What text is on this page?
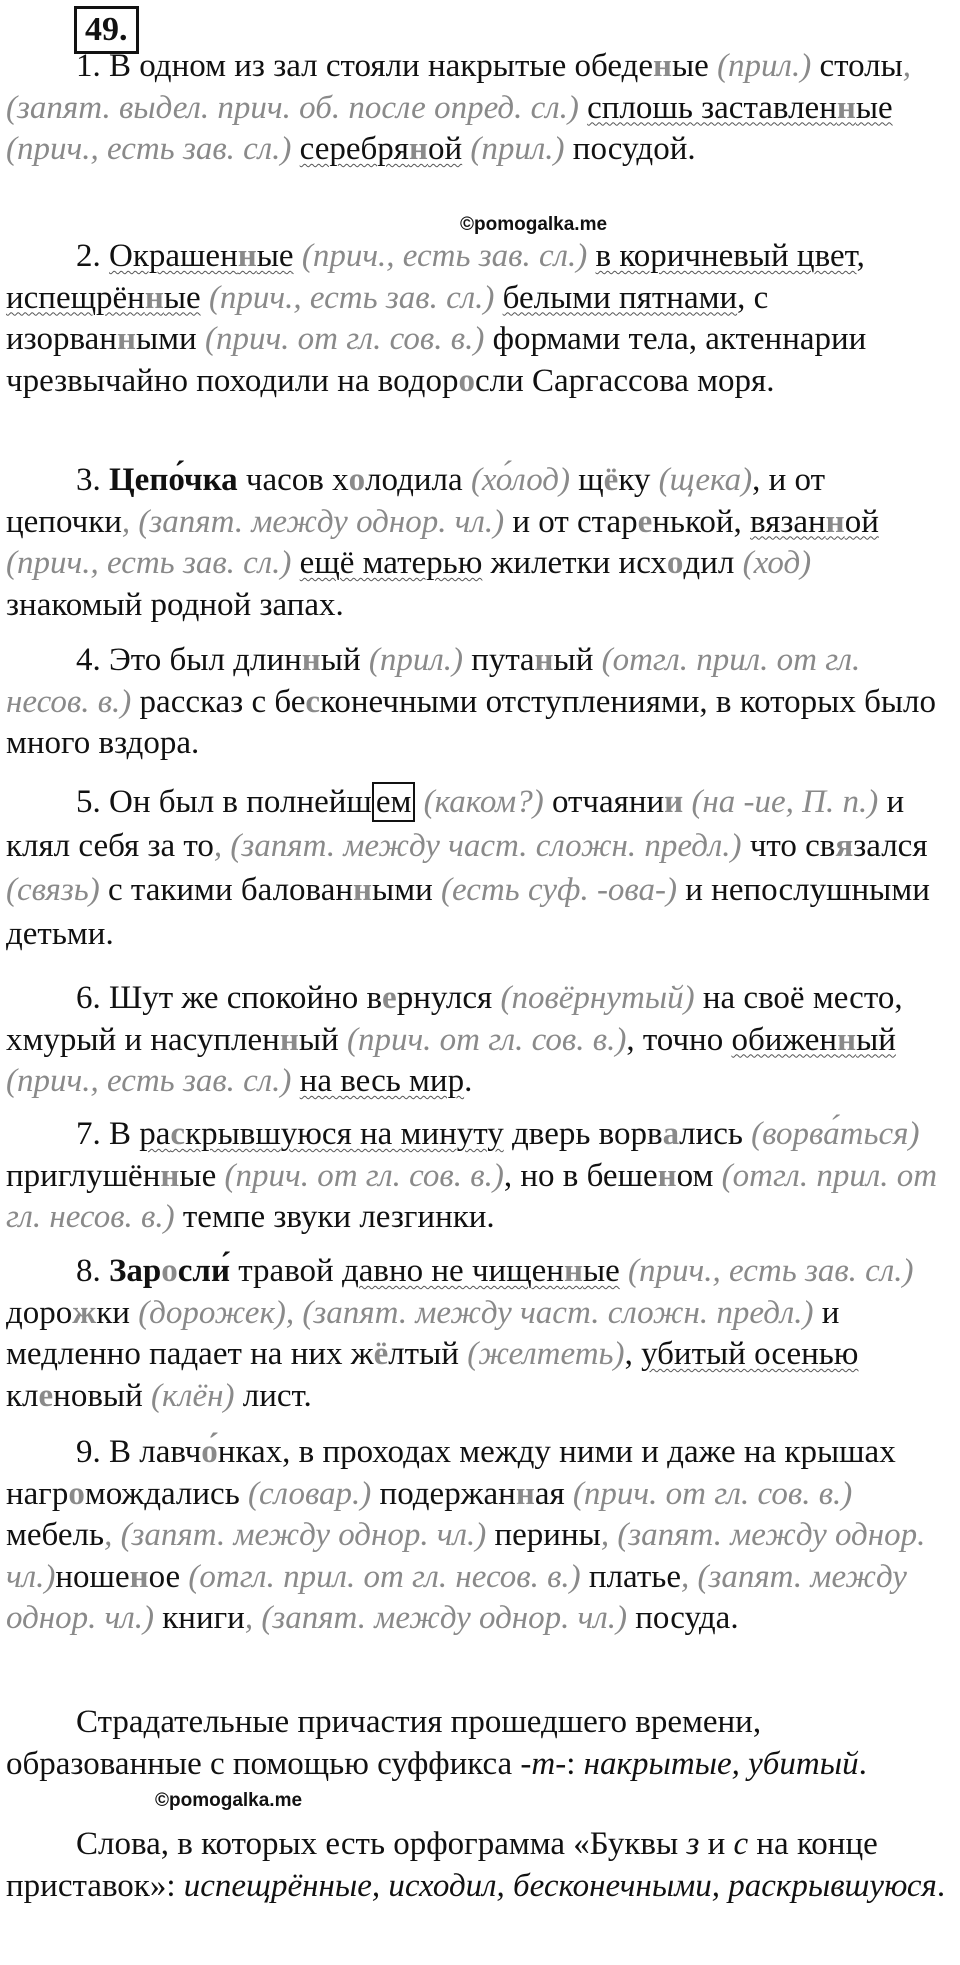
49.

1. В одном из зал стояли накрытые обеденые (прил.) столы, (запят. выдел. прич. об. после опред. сл.) сплошь заставленные (прич., есть зав. сл.) серебряной (прил.) посудой.

©pomogalka.me

2. Окрашенные (прич., есть зав. сл.) в коричневый цвет, испещрённые (прич., есть зав. сл.) белыми пятнами, с изорванными (прич. от гл. сов. в.) формами тела, актеннарии чрезвычайно походили на водоросли Саргассова моря.

3. Цепо́чка часов холодила (хо́лод) щёку (щека), и от цепочки, (запят. между однор. чл.) и от старенькой, вязанной (прич., есть зав. сл.) ещё матерью жилетки исходил (ход) знакомый родной запах.

4. Это был длинный (прил.) путaный (отгл. прил. от гл. несов. в.) рассказ с бесконечными отступлениями, в которых было много вздора.

5. Он был в полнейш ем (каком?) отчаянии (на -ие, П. п.) и клял себя за то, (запят. между част. сложн. предл.) что связался (связь) с такими балованными (есть суф. -ова-) и непослушными детьми.

6. Шут же спокойно вернулся (повёрнутый) на своё место, хмурый и насупленный (прич. от гл. сов. в.), точно обиженный (прич., есть зав. сл.) на весь мир.

7. В раскрывшуюся на минуту дверь ворвались (ворва́ться) приглушённые (прич. от гл. сов. в.), но в бешеном (отгл. прил. от гл. несов. в.) темпе звуки лезгинки.

8. Заросли́ травой давно не чищенные (прич., есть зав. сл.) дорожки (дорожек), (запят. между част. сложн. предл.) и медленно падает на них жёлтый (желтеть), убитый осенью кленовый (клён) лист.

9. В лавчо́нках, в проходах между ними и даже на крышах нагромождались (словар.) подержанная (прич. от гл. сов. в.) мебель, (запят. между однор. чл.) перины, (запят. между однор. чл.)ношеное (отгл. прил. от гл. несов. в.) платье, (запят. между однор. чл.) книги, (запят. между однор. чл.) посуда.

Страдательные причастия прошедшего времени, образованные с помощью суффикса -т-: накрытые, убитый.

©pomogalka.me

Слова, в которых есть орфограмма «Буквы з и с на конце приставок»: испещрённые, исходил, бесконечными, раскрывшуюся.
